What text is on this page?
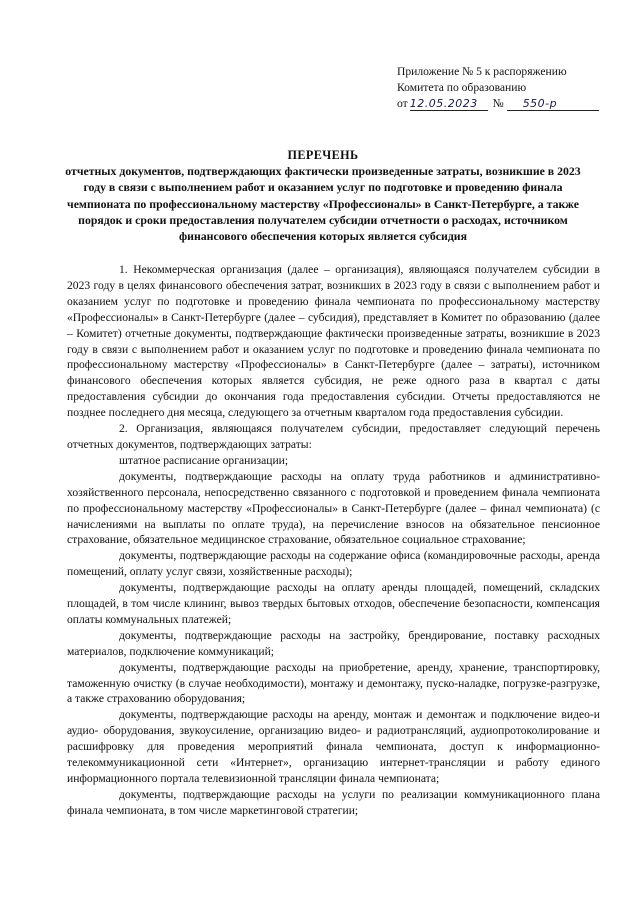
Приложение № 5 к распоряжению
Комитета по образованию
от 12.05.2023 № 550-р
ПЕРЕЧЕНЬ
отчетных документов, подтверждающих фактически произведенные затраты, возникшие в 2023 году в связи с выполнением работ и оказанием услуг по подготовке и проведению финала чемпионата по профессиональному мастерству «Профессионалы» в Санкт-Петербурге, а также порядок и сроки предоставления получателем субсидии отчетности о расходах, источником финансового обеспечения которых является субсидия

1. Некоммерческая организация (далее – организация), являющаяся получателем субсидии в 2023 году в целях финансового обеспечения затрат, возникших в 2023 году в связи с выполнением работ и оказанием услуг по подготовке и проведению финала чемпионата по профессиональному мастерству «Профессионалы» в Санкт-Петербурге (далее – субсидия), представляет в Комитет по образованию (далее – Комитет) отчетные документы, подтверждающие фактически произведенные затраты, возникшие в 2023 году в связи с выполнением работ и оказанием услуг по подготовке и проведению финала чемпионата по профессиональному мастерству «Профессионалы» в Санкт-Петербурге (далее – затраты), источником финансового обеспечения которых является субсидия, не реже одного раза в квартал с даты предоставления субсидии до окончания года предоставления субсидии. Отчеты предоставляются не позднее последнего дня месяца, следующего за отчетным кварталом года предоставления субсидии.

2. Организация, являющаяся получателем субсидии, предоставляет следующий перечень отчетных документов, подтверждающих затраты:

штатное расписание организации;

документы, подтверждающие расходы на оплату труда работников и административно-хозяйственного персонала, непосредственно связанного с подготовкой и проведением финала чемпионата по профессиональному мастерству «Профессионалы» в Санкт-Петербурге (далее – финал чемпионата) (с начислениями на выплаты по оплате труда), на перечисление взносов на обязательное пенсионное страхование, обязательное медицинское страхование, обязательное социальное страхование;

документы, подтверждающие расходы на содержание офиса (командировочные расходы, аренда помещений, оплату услуг связи, хозяйственные расходы);

документы, подтверждающие расходы на оплату аренды площадей, помещений, складских площадей, в том числе клининг, вывоз твердых бытовых отходов, обеспечение безопасности, компенсация оплаты коммунальных платежей;

документы, подтверждающие расходы на застройку, брендирование, поставку расходных материалов, подключение коммуникаций;

документы, подтверждающие расходы на приобретение, аренду, хранение, транспортировку, таможенную очистку (в случае необходимости), монтажу и демонтажу, пуско-наладке, погрузке-разгрузке, а также страхованию оборудования;

документы, подтверждающие расходы на аренду, монтаж и демонтаж и подключение видео-и аудио- оборудования, звукоусиление, организацию видео- и радиотрансляций, аудиопротоколирование и расшифровку для проведения мероприятий финала чемпионата, доступ к информационно-телекоммуникационной сети «Интернет», организацию интернет-трансляции и работу единого информационного портала телевизионной трансляции финала чемпионата;

документы, подтверждающие расходы на услуги по реализации коммуникационного плана финала чемпионата, в том числе маркетинговой стратегии;
